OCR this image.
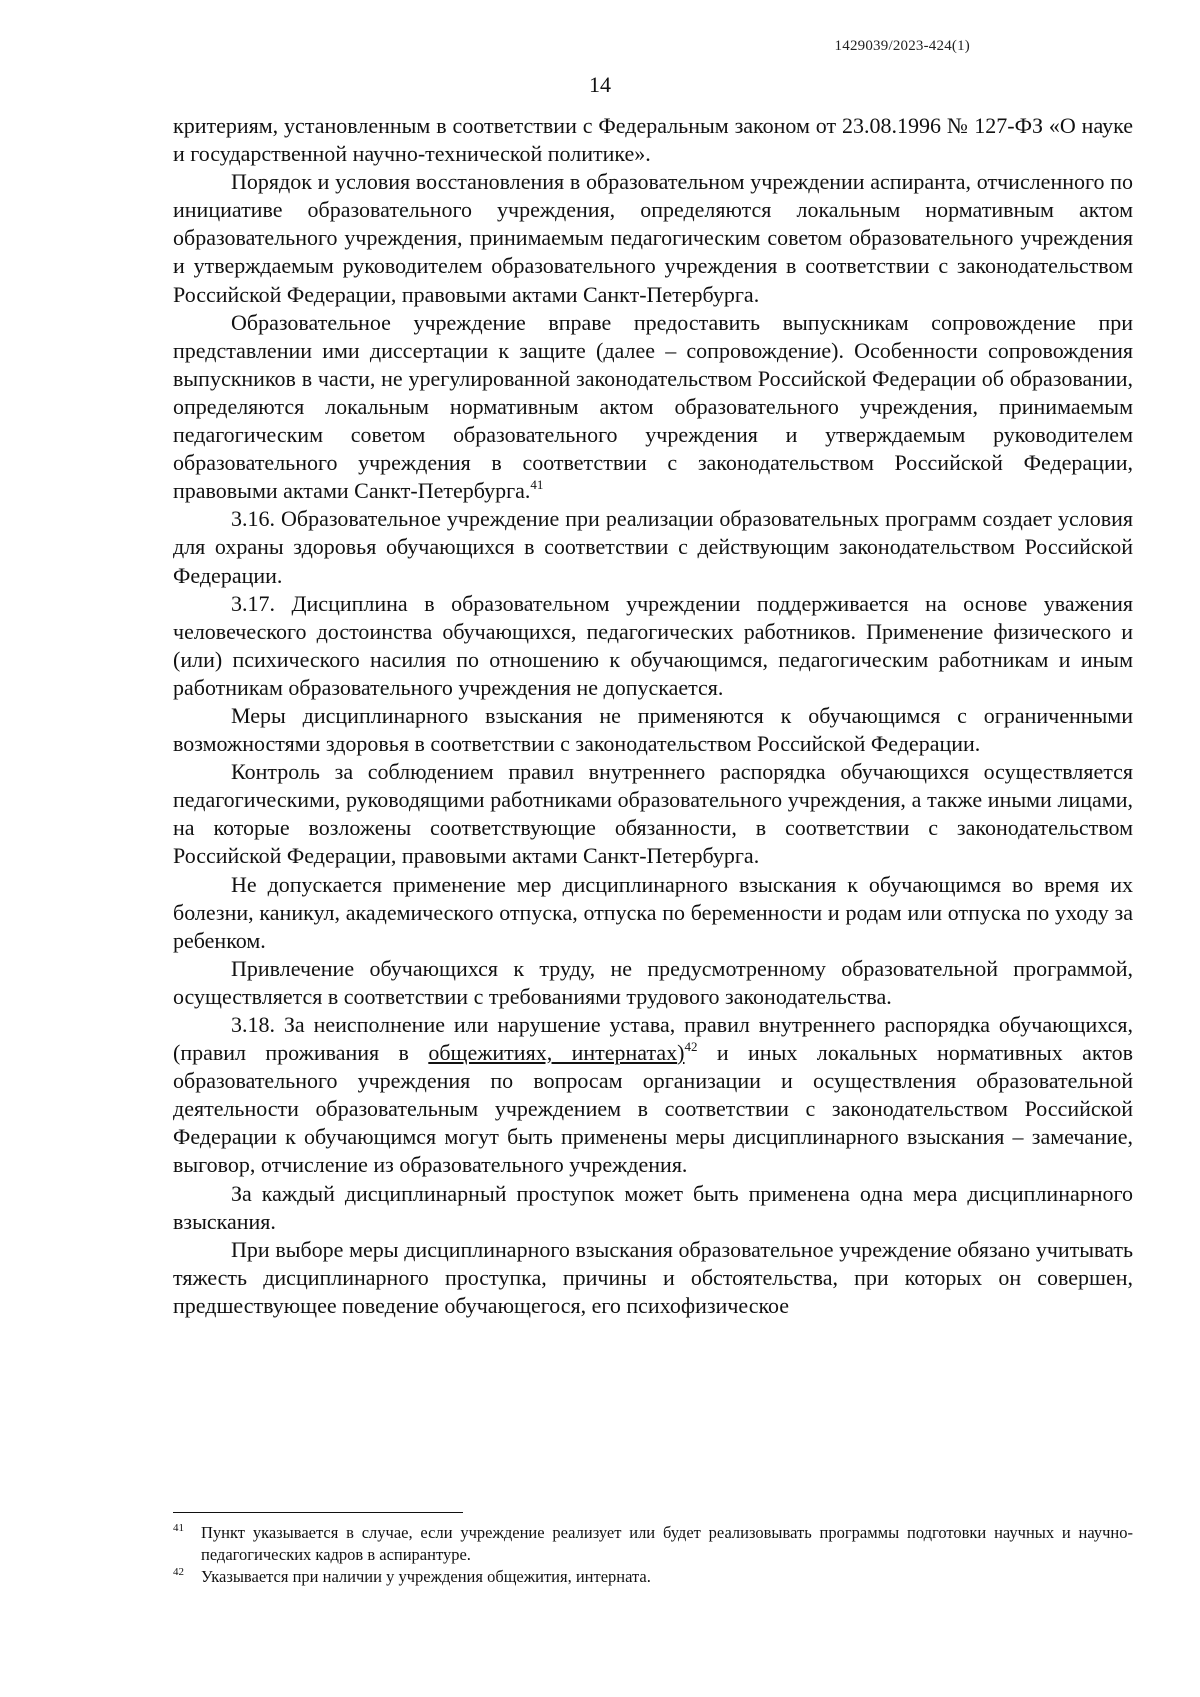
1429039/2023-424(1)
14

критериям, установленным в соответствии с Федеральным законом от 23.08.1996 № 127-ФЗ «О науке и государственной научно-технической политике».

Порядок и условия восстановления в образовательном учреждении аспиранта, отчисленного по инициативе образовательного учреждения, определяются локальным нормативным актом образовательного учреждения, принимаемым педагогическим советом образовательного учреждения и утверждаемым руководителем образовательного учреждения в соответствии с законодательством Российской Федерации, правовыми актами Санкт-Петербурга.

Образовательное учреждение вправе предоставить выпускникам сопровождение при представлении ими диссертации к защите (далее – сопровождение). Особенности сопровождения выпускников в части, не урегулированной законодательством Российской Федерации об образовании, определяются локальным нормативным актом образовательного учреждения, принимаемым педагогическим советом образовательного учреждения и утверждаемым руководителем образовательного учреждения в соответствии с законодательством Российской Федерации, правовыми актами Санкт-Петербурга.$^{41}$

3.16. Образовательное учреждение при реализации образовательных программ создает условия для охраны здоровья обучающихся в соответствии с действующим законодательством Российской Федерации.

3.17. Дисциплина в образовательном учреждении поддерживается на основе уважения человеческого достоинства обучающихся, педагогических работников. Применение физического и (или) психического насилия по отношению к обучающимся, педагогическим работникам и иным работникам образовательного учреждения не допускается.

Меры дисциплинарного взыскания не применяются к обучающимся с ограниченными возможностями здоровья в соответствии с законодательством Российской Федерации.

Контроль за соблюдением правил внутреннего распорядка обучающихся осуществляется педагогическими, руководящими работниками образовательного учреждения, а также иными лицами, на которые возложены соответствующие обязанности, в соответствии с законодательством Российской Федерации, правовыми актами Санкт-Петербурга.

Не допускается применение мер дисциплинарного взыскания к обучающимся во время их болезни, каникул, академического отпуска, отпуска по беременности и родам или отпуска по уходу за ребенком.

Привлечение обучающихся к труду, не предусмотренному образовательной программой, осуществляется в соответствии с требованиями трудового законодательства.

3.18. За неисполнение или нарушение устава, правил внутреннего распорядка обучающихся, (правил проживания в общежитиях, интернатах)$^{42}$ и иных локальных нормативных актов образовательного учреждения по вопросам организации и осуществления образовательной деятельности образовательным учреждением в соответствии с законодательством Российской Федерации к обучающимся могут быть применены меры дисциплинарного взыскания – замечание, выговор, отчисление из образовательного учреждения.

За каждый дисциплинарный проступок может быть применена одна мера дисциплинарного взыскания.

При выборе меры дисциплинарного взыскания образовательное учреждение обязано учитывать тяжесть дисциплинарного проступка, причины и обстоятельства, при которых он совершен, предшествующее поведение обучающегося, его психофизическое

41 Пункт указывается в случае, если учреждение реализует или будет реализовывать программы подготовки научных и научно-педагогических кадров в аспирантуре.
42 Указывается при наличии у учреждения общежития, интерната.
